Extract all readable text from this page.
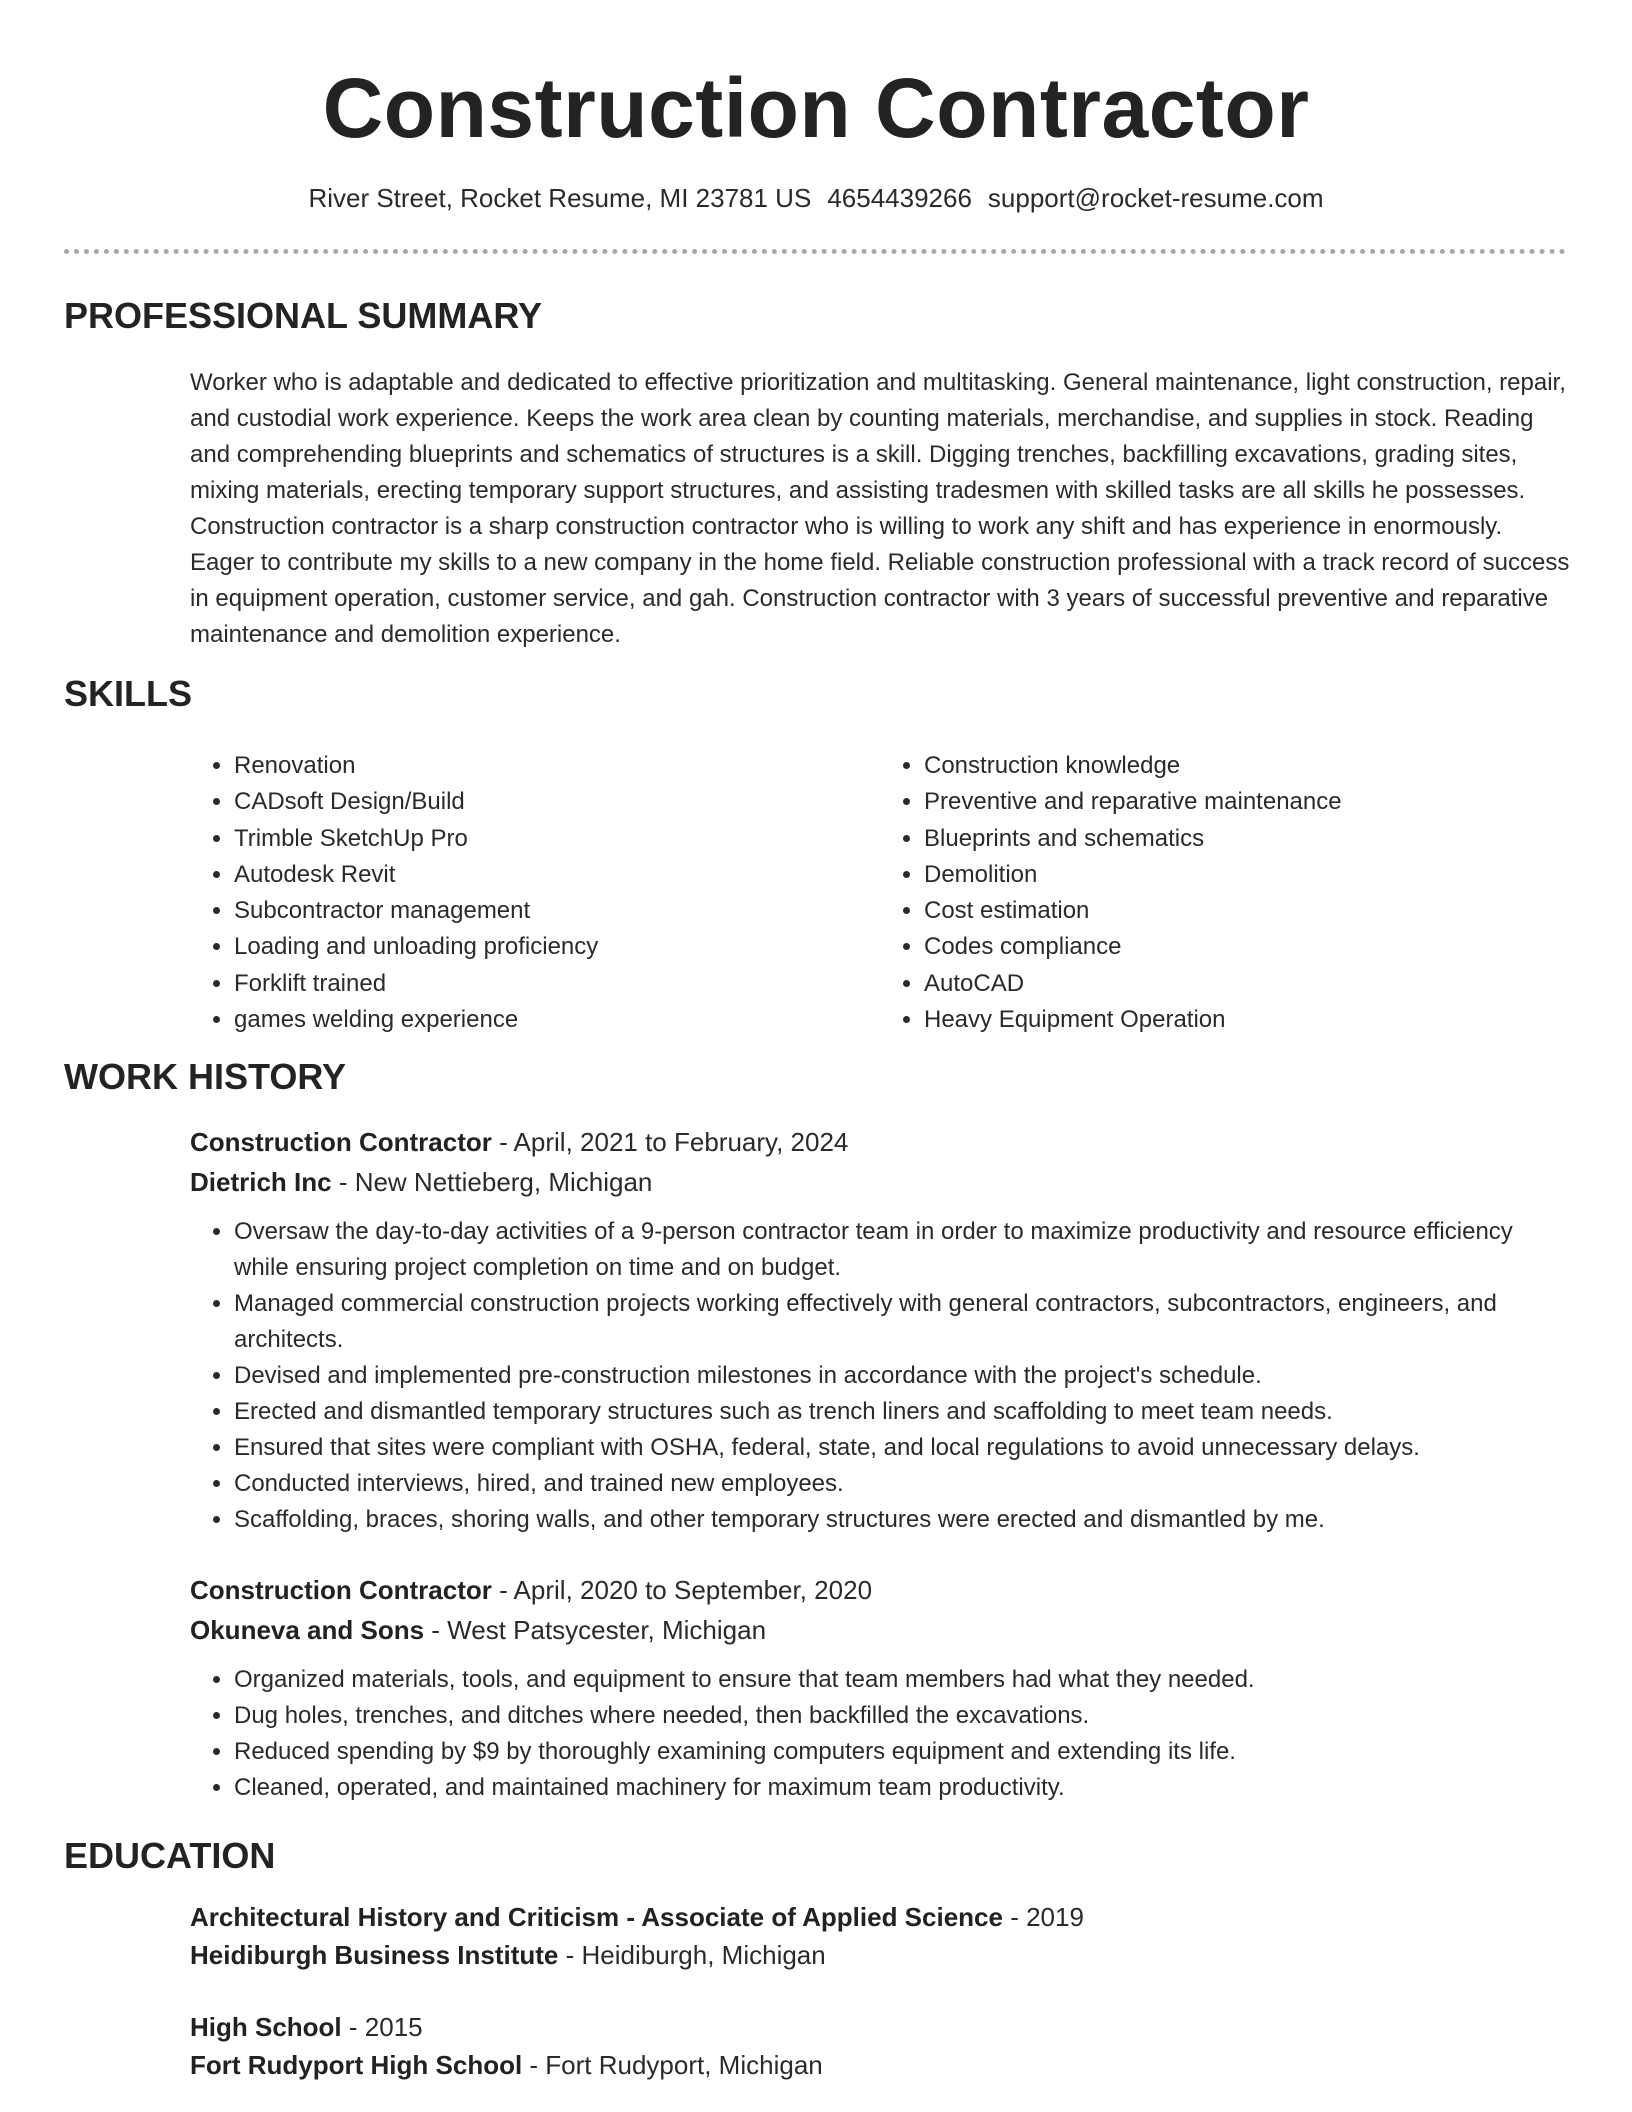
Construction Contractor
River Street, Rocket Resume, MI 23781 US 4654439266 support@rocket-resume.com
PROFESSIONAL SUMMARY

Worker who is adaptable and dedicated to effective prioritization and multitasking. General maintenance, light construction, repair, and custodial work experience. Keeps the work area clean by counting materials, merchandise, and supplies in stock. Reading and comprehending blueprints and schematics of structures is a skill. Digging trenches, backfilling excavations, grading sites, mixing materials, erecting temporary support structures, and assisting tradesmen with skilled tasks are all skills he possesses. Construction contractor is a sharp construction contractor who is willing to work any shift and has experience in enormously. Eager to contribute my skills to a new company in the home field. Reliable construction professional with a track record of success in equipment operation, customer service, and gah. Construction contractor with 3 years of successful preventive and reparative maintenance and demolition experience.

SKILLS
• Renovation
• CADsoft Design/Build
• Trimble SketchUp Pro
• Autodesk Revit
• Subcontractor management
• Loading and unloading proficiency
• Forklift trained
• games welding experience
• Construction knowledge
• Preventive and reparative maintenance
• Blueprints and schematics
• Demolition
• Cost estimation
• Codes compliance
• AutoCAD
• Heavy Equipment Operation
WORK HISTORY
Construction Contractor - April, 2021 to February, 2024
Dietrich Inc - New Nettieberg, Michigan
• Oversaw the day-to-day activities of a 9-person contractor team in order to maximize productivity and resource efficiency while ensuring project completion on time and on budget.
• Managed commercial construction projects working effectively with general contractors, subcontractors, engineers, and architects.
• Devised and implemented pre-construction milestones in accordance with the project's schedule.
• Erected and dismantled temporary structures such as trench liners and scaffolding to meet team needs.
• Ensured that sites were compliant with OSHA, federal, state, and local regulations to avoid unnecessary delays.
• Conducted interviews, hired, and trained new employees.
• Scaffolding, braces, shoring walls, and other temporary structures were erected and dismantled by me.
Construction Contractor - April, 2020 to September, 2020
Okuneva and Sons - West Patsycester, Michigan
• Organized materials, tools, and equipment to ensure that team members had what they needed.
• Dug holes, trenches, and ditches where needed, then backfilled the excavations.
• Reduced spending by $9 by thoroughly examining computers equipment and extending its life.
• Cleaned, operated, and maintained machinery for maximum team productivity.
EDUCATION
Architectural History and Criticism - Associate of Applied Science - 2019
Heidiburgh Business Institute - Heidiburgh, Michigan
High School - 2015
Fort Rudyport High School - Fort Rudyport, Michigan
